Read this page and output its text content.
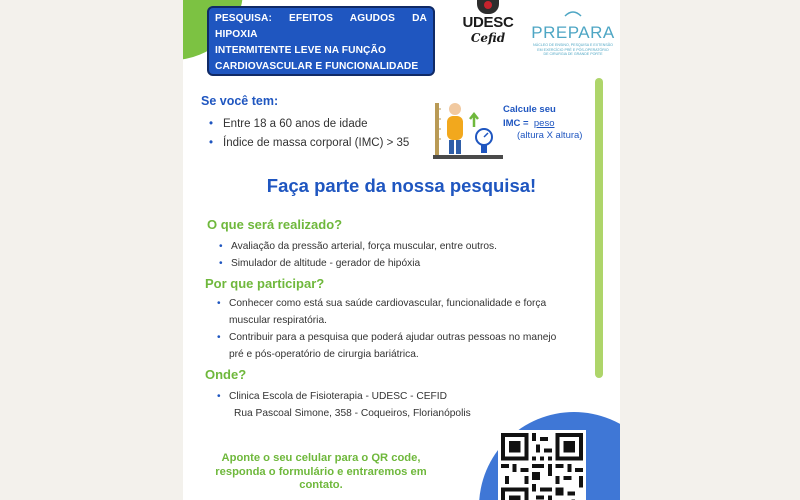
PESQUISA: EFEITOS AGUDOS DA HIPOXIA
INTERMITENTE LEVE NA FUNÇÃO
CARDIOVASCULAR E FUNCIONALIDADE
DE INDIVÍDUOS OBESOS II E III
UDESC
Cefid	PREPARA
NÚCLEO DE ENSINO, PESQUISA E EXTENSÃO
EM EXERCÍCIO PRÉ E PÓS-OPERATÓRIO
DE CIRURGIA DE GRANDE PORTE
Se você tem:
• Entre 18 a 60 anos de idade
• Índice de massa corporal (IMC) > 35
Calcule seu
IMC =  peso
(altura X altura)
Faça parte da nossa pesquisa!
O que será realizado?
• Avaliação da pressão arterial, força muscular, entre outros.
• Simulador de altitude - gerador de hipóxia
Por que participar?
• Conhecer como está sua saúde cardiovascular, funcionalidade e força muscular respiratória.
• Contribuir para a pesquisa que poderá ajudar outras pessoas no manejo pré e pós-operatório de cirurgia bariátrica.
Onde?
• Clinica Escola de Fisioterapia - UDESC - CEFID
Rua Pascoal Simone, 358 - Coqueiros, Florianópolis
Aponte o seu celular para o QR code, responda o formulário e entraremos em contato.
